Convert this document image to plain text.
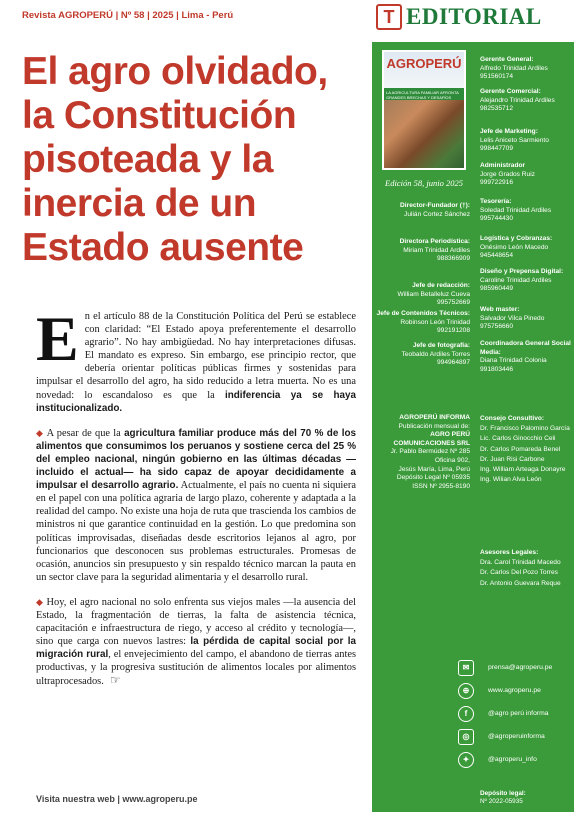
Revista AGROPERÚ | Nº 58 | 2025 | Lima - Perú	T EDITORIAL
El agro olvidado, la Constitución pisoteada y la inercia de un Estado ausente
AGROPERÚ
LA AGRICULTURA FAMILIAR AFRONTA GRANDES BRECHAS Y DESAFÍOS
Edición 58, junio 2025
Director-Fundador (†):
Julián Cortez Sánchez
Directora Periodística:
Miriam Trinidad Ardiles
988366909
Jefe de redacción:
William Betalleluz Cueva
995752669
Jefe de Contenidos Técnicos:
Robinson León Trinidad
992191208
Jefe de fotografía:
Teobaldo Ardiles Torres
994964897
Gerente General:
Alfredo Trinidad Ardiles
951560174
Gerente Comercial:
Alejandro Trinidad Ardiles
982535712
Jefe de Marketing:
Lelis Aniceto Sarmiento
998447709
Administrador
Jorge Grados Ruiz
999722916
Tesorería:
Soledad Trinidad Ardiles
995744430
Logística y Cobranzas:
Onésimo León Macedo
945448654
Diseño y Prepensa Digital:
Caroline Trinidad Ardiles
985960449
Web master:
Salvador Vilca Pinedo
975756660
Coordinadora General Social Media:
Diana Trinidad Colonia
991803446
AGROPERÚ INFORMA
Publicación mensual de:
AGRO PERÚ
COMUNICACIONES SRL
Jr. Pablo Bermúdez Nº 285
Oficina 902,
Jesús María, Lima, Perú
Depósito Legal Nº 05935
ISSN Nº 2955-8190
Consejo Consultivo:
Dr. Francisco Palomino García
Lic. Carlos Ginocchio Celi
Dr. Carlos Pomareda Benel
Dr. Juan Risi Carbone
Ing. William Arteaga Donayre
Ing. Wilian Alva León
Asesores Legales:
Dra. Carol Trinidad Macedo
Dr. Carlos Del Pozo Torres
Dr. Antonio Guevara Reque
✉	prensa@agroperu.pe
⊕	www.agroperu.pe
f	@agro perú informa
◎	@agroperuinforma
✦	@agroperu_info
Depósito legal:
Nº 2022-05935

En el artículo 88 de la Constitución Política del Perú se establece con claridad: “El Estado apoya preferentemente el desarrollo agrario”. No hay ambigüedad. No hay interpretaciones difusas. El mandato es expreso. Sin embargo, ese principio rector, que debería orientar políticas públicas firmes y sostenidas para impulsar el desarrollo del agro, ha sido reducido a letra muerta. No es una novedad: lo escandaloso es que la indiferencia ya se haya institucionalizado.

◆ A pesar de que la agricultura familiar produce más del 70 % de los alimentos que consumimos los peruanos y sostiene cerca del 25 % del empleo nacional, ningún gobierno en las últimas décadas —incluido el actual— ha sido capaz de apoyar decididamente a impulsar el desarrollo agrario. Actualmente, el país no cuenta ni siquiera en el papel con una política agraria de largo plazo, coherente y adaptada a la realidad del campo. No existe una hoja de ruta que trascienda los cambios de ministros ni que garantice continuidad en la gestión. Lo que predomina son políticas improvisadas, diseñadas desde escritorios lejanos al agro, por funcionarios que desconocen sus problemas estructurales. Promesas de ocasión, anuncios sin presupuesto y sin respaldo técnico marcan la pauta en un sector clave para la seguridad alimentaria y el desarrollo rural.

◆ Hoy, el agro nacional no solo enfrenta sus viejos males —la ausencia del Estado, la fragmentación de tierras, la falta de asistencia técnica, capacitación e infraestructura de riego, y acceso al crédito y tecnología—, sino que carga con nuevos lastres: la pérdida de capital social por la migración rural, el envejecimiento del campo, el abandono de tierras antes productivas, y la progresiva sustitución de alimentos locales por alimentos ultraprocesados. ☞

Visita nuestra web | www.agroperu.pe
